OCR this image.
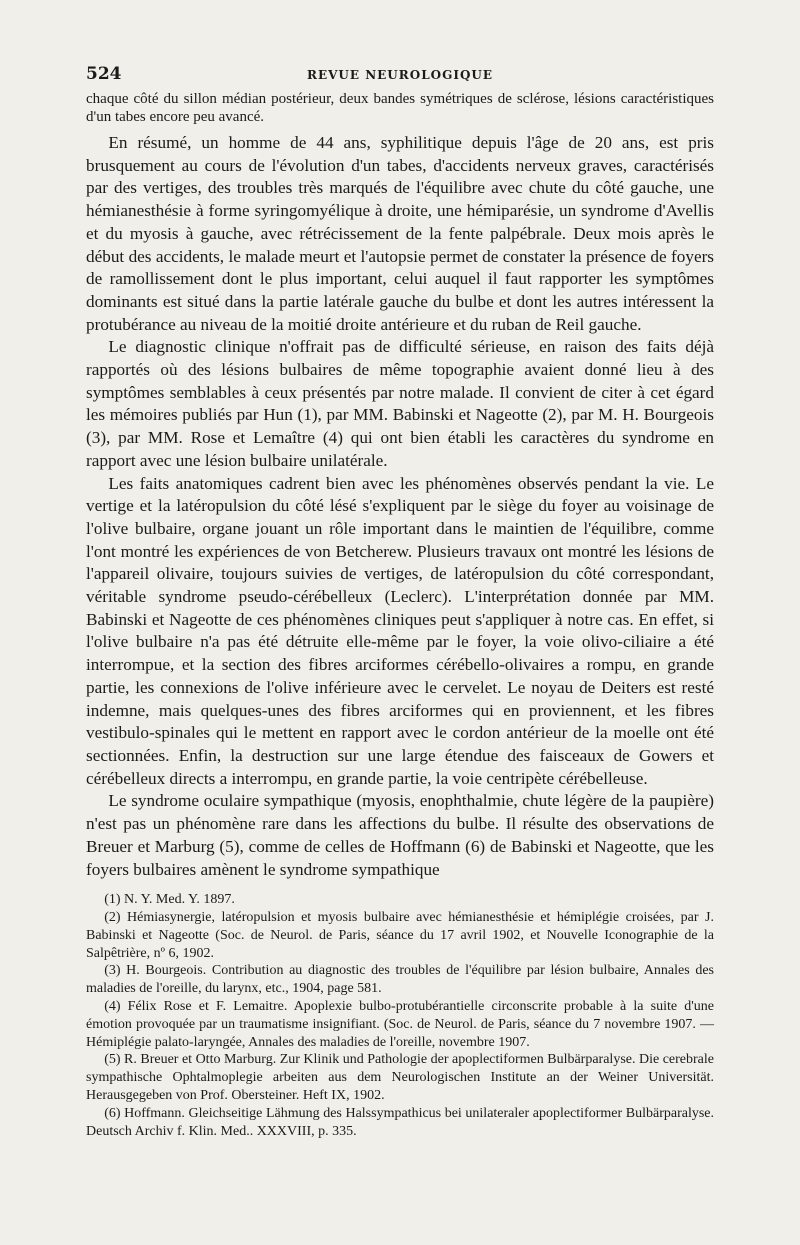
524	REVUE NEUROLOGIQUE

chaque côté du sillon médian postérieur, deux bandes symétriques de sclérose, lésions caractéristiques d'un tabes encore peu avancé.

En résumé, un homme de 44 ans, syphilitique depuis l'âge de 20 ans, est pris brusquement au cours de l'évolution d'un tabes, d'accidents nerveux graves, caractérisés par des vertiges, des troubles très marqués de l'équilibre avec chute du côté gauche, une hémianesthésie à forme syringomyélique à droite, une hémiparésie, un syndrome d'Avellis et du myosis à gauche, avec rétrécissement de la fente palpébrale. Deux mois après le début des accidents, le malade meurt et l'autopsie permet de constater la présence de foyers de ramollissement dont le plus important, celui auquel il faut rapporter les symptômes dominants est situé dans la partie latérale gauche du bulbe et dont les autres intéressent la protubérance au niveau de la moitié droite antérieure et du ruban de Reil gauche.

Le diagnostic clinique n'offrait pas de difficulté sérieuse, en raison des faits déjà rapportés où des lésions bulbaires de même topographie avaient donné lieu à des symptômes semblables à ceux présentés par notre malade. Il convient de citer à cet égard les mémoires publiés par Hun (1), par MM. Babinski et Nageotte (2), par M. H. Bourgeois (3), par MM. Rose et Lemaître (4) qui ont bien établi les caractères du syndrome en rapport avec une lésion bulbaire unilatérale.

Les faits anatomiques cadrent bien avec les phénomènes observés pendant la vie. Le vertige et la latéropulsion du côté lésé s'expliquent par le siège du foyer au voisinage de l'olive bulbaire, organe jouant un rôle important dans le maintien de l'équilibre, comme l'ont montré les expériences de von Betcherew. Plusieurs travaux ont montré les lésions de l'appareil olivaire, toujours suivies de vertiges, de latéropulsion du côté correspondant, véritable syndrome pseudo-cérébelleux (Leclerc). L'interprétation donnée par MM. Babinski et Nageotte de ces phénomènes cliniques peut s'appliquer à notre cas. En effet, si l'olive bulbaire n'a pas été détruite elle-même par le foyer, la voie olivo-ciliaire a été interrompue, et la section des fibres arciformes cérébello-olivaires a rompu, en grande partie, les connexions de l'olive inférieure avec le cervelet. Le noyau de Deiters est resté indemne, mais quelques-unes des fibres arciformes qui en proviennent, et les fibres vestibulo-spinales qui le mettent en rapport avec le cordon antérieur de la moelle ont été sectionnées. Enfin, la destruction sur une large étendue des faisceaux de Gowers et cérébelleux directs a interrompu, en grande partie, la voie centripète cérébelleuse.

Le syndrome oculaire sympathique (myosis, enophthalmie, chute légère de la paupière) n'est pas un phénomène rare dans les affections du bulbe. Il résulte des observations de Breuer et Marburg (5), comme de celles de Hoffmann (6) de Babinski et Nageotte, que les foyers bulbaires amènent le syndrome sympathique

(1) N. Y. Med. Y. 1897.

(2) Hémiasynergie, latéropulsion et myosis bulbaire avec hémianesthésie et hémiplégie croisées, par J. Babinski et Nageotte (Soc. de Neurol. de Paris, séance du 17 avril 1902, et Nouvelle Iconographie de la Salpêtrière, nº 6, 1902.

(3) H. Bourgeois. Contribution au diagnostic des troubles de l'équilibre par lésion bulbaire, Annales des maladies de l'oreille, du larynx, etc., 1904, page 581.

(4) Félix Rose et F. Lemaitre. Apoplexie bulbo-protubérantielle circonscrite probable à la suite d'une émotion provoquée par un traumatisme insignifiant. (Soc. de Neurol. de Paris, séance du 7 novembre 1907. — Hémiplégie palato-laryngée, Annales des maladies de l'oreille, novembre 1907.

(5) R. Breuer et Otto Marburg. Zur Klinik und Pathologie der apoplectiformen Bulbärparalyse. Die cerebrale sympathische Ophtalmoplegie arbeiten aus dem Neurologischen Institute an der Weiner Universität. Herausgegeben von Prof. Obersteiner. Heft IX, 1902.

(6) Hoffmann. Gleichseitige Lähmung des Halssympathicus bei unilateraler apoplectiformer Bulbärparalyse. Deutsch Archiv f. Klin. Med.. XXXVIII, p. 335.
